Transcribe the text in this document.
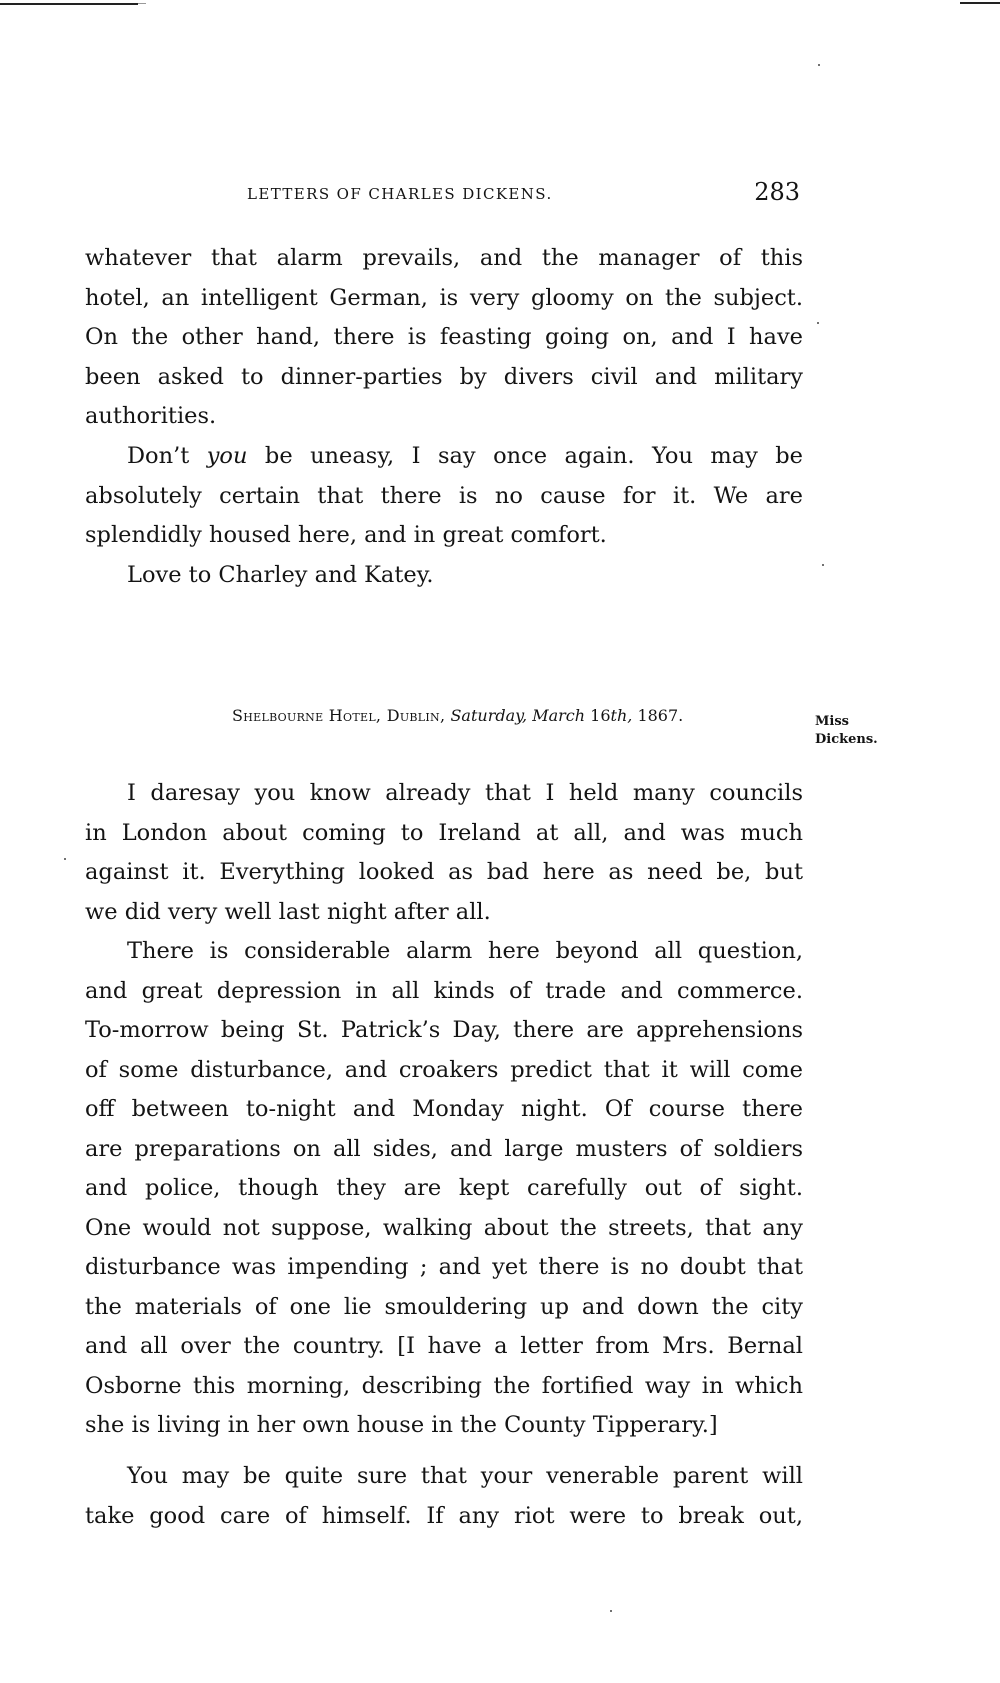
LETTERS OF CHARLES DICKENS.	283
whatever that alarm prevails, and the manager of this
hotel, an intelligent German, is very gloomy on the subject.
On the other hand, there is feasting going on, and I have
been asked to dinner-parties by divers civil and military
authorities.
Don’t you be uneasy, I say once again. You may be
absolutely certain that there is no cause for it. We are
splendidly housed here, and in great comfort.
Love to Charley and Katey.
Shelbourne Hotel, Dublin, Saturday, March 16th, 1867.	Miss
Dickens.
I daresay you know already that I held many councils
in London about coming to Ireland at all, and was much
against it. Everything looked as bad here as need be, but
we did very well last night after all.
There is considerable alarm here beyond all question,
and great depression in all kinds of trade and commerce.
To-morrow being St. Patrick’s Day, there are apprehensions
of some disturbance, and croakers predict that it will come
off between to-night and Monday night. Of course there
are preparations on all sides, and large musters of soldiers
and police, though they are kept carefully out of sight.
One would not suppose, walking about the streets, that any
disturbance was impending ; and yet there is no doubt that
the materials of one lie smouldering up and down the city
and all over the country. [I have a letter from Mrs. Bernal
Osborne this morning, describing the fortified way in which
she is living in her own house in the County Tipperary.]
You may be quite sure that your venerable parent will
take good care of himself. If any riot were to break out,
